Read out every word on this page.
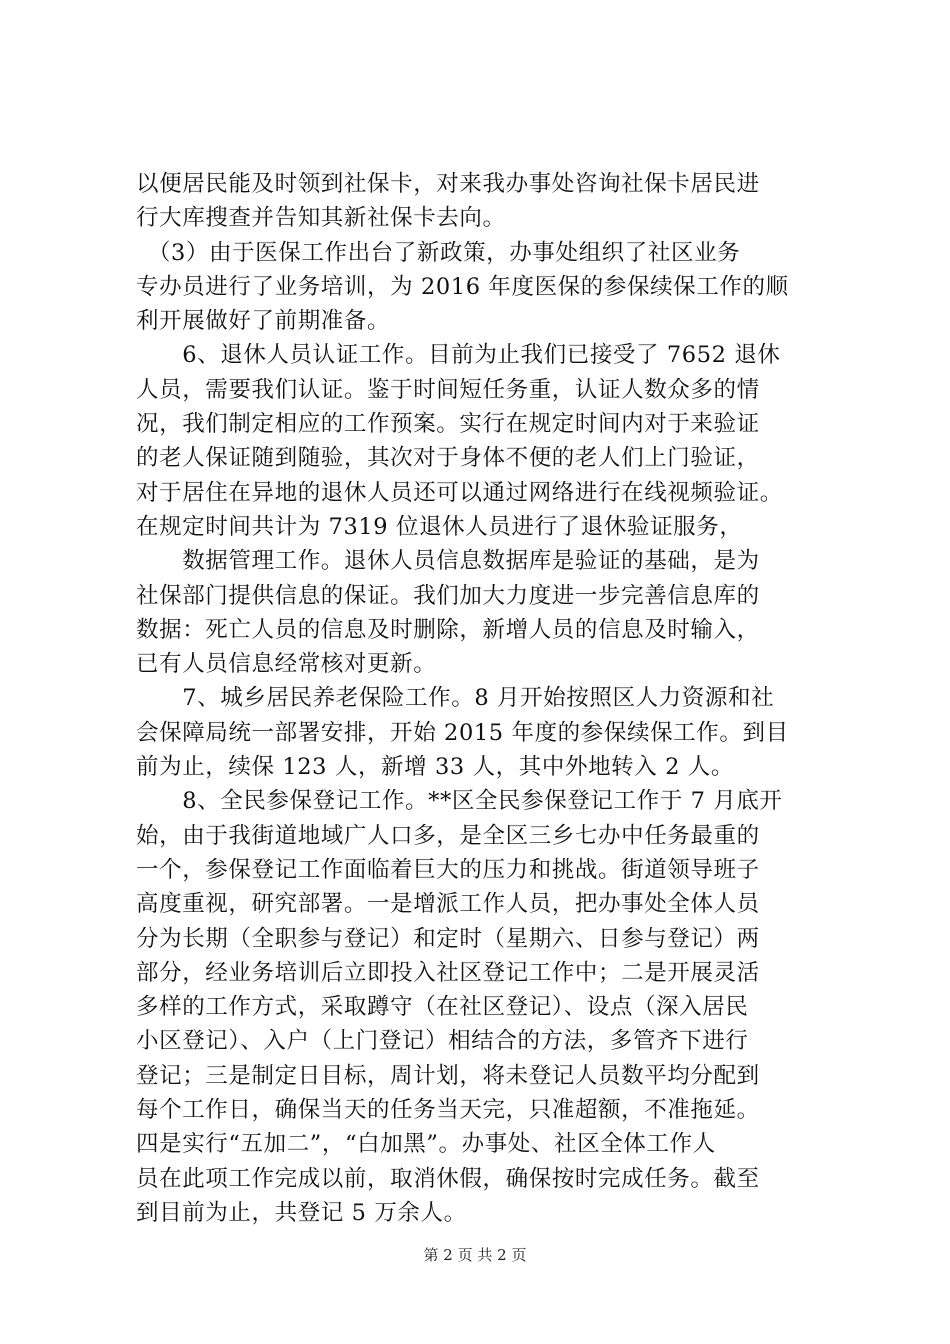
以便居民能及时领到社保卡，对来我办事处咨询社保卡居民进
行大库搜查并告知其新社保卡去向。
　（3）由于医保工作出台了新政策，办事处组织了社区业务
专办员进行了业务培训，为 2016 年度医保的参保续保工作的顺
利开展做好了前期准备。
　　6、退休人员认证工作。目前为止我们已接受了 7652 退休
人员，需要我们认证。鉴于时间短任务重，认证人数众多的情
况，我们制定相应的工作预案。实行在规定时间内对于来验证
的老人保证随到随验，其次对于身体不便的老人们上门验证，
对于居住在异地的退休人员还可以通过网络进行在线视频验证。
在规定时间共计为 7319 位退休人员进行了退休验证服务，
　　数据管理工作。退休人员信息数据库是验证的基础，是为
社保部门提供信息的保证。我们加大力度进一步完善信息库的
数据：死亡人员的信息及时删除，新增人员的信息及时输入，
已有人员信息经常核对更新。
　　7、城乡居民养老保险工作。8 月开始按照区人力资源和社
会保障局统一部署安排，开始 2015 年度的参保续保工作。到目
前为止，续保 123 人，新增 33 人，其中外地转入 2 人。
　　8、全民参保登记工作。**区全民参保登记工作于 7 月底开
始，由于我街道地域广人口多，是全区三乡七办中任务最重的
一个，参保登记工作面临着巨大的压力和挑战。街道领导班子
高度重视，研究部署。一是增派工作人员，把办事处全体人员
分为长期（全职参与登记）和定时（星期六、日参与登记）两
部分，经业务培训后立即投入社区登记工作中；二是开展灵活
多样的工作方式，采取蹲守（在社区登记）、设点（深入居民
小区登记）、入户（上门登记）相结合的方法，多管齐下进行
登记；三是制定日目标，周计划，将未登记人员数平均分配到
每个工作日，确保当天的任务当天完，只准超额，不准拖延。
四是实行“五加二”，“白加黑”。办事处、社区全体工作人
员在此项工作完成以前，取消休假，确保按时完成任务。截至
到目前为止，共登记 5 万余人。
第 2 页 共 2 页
